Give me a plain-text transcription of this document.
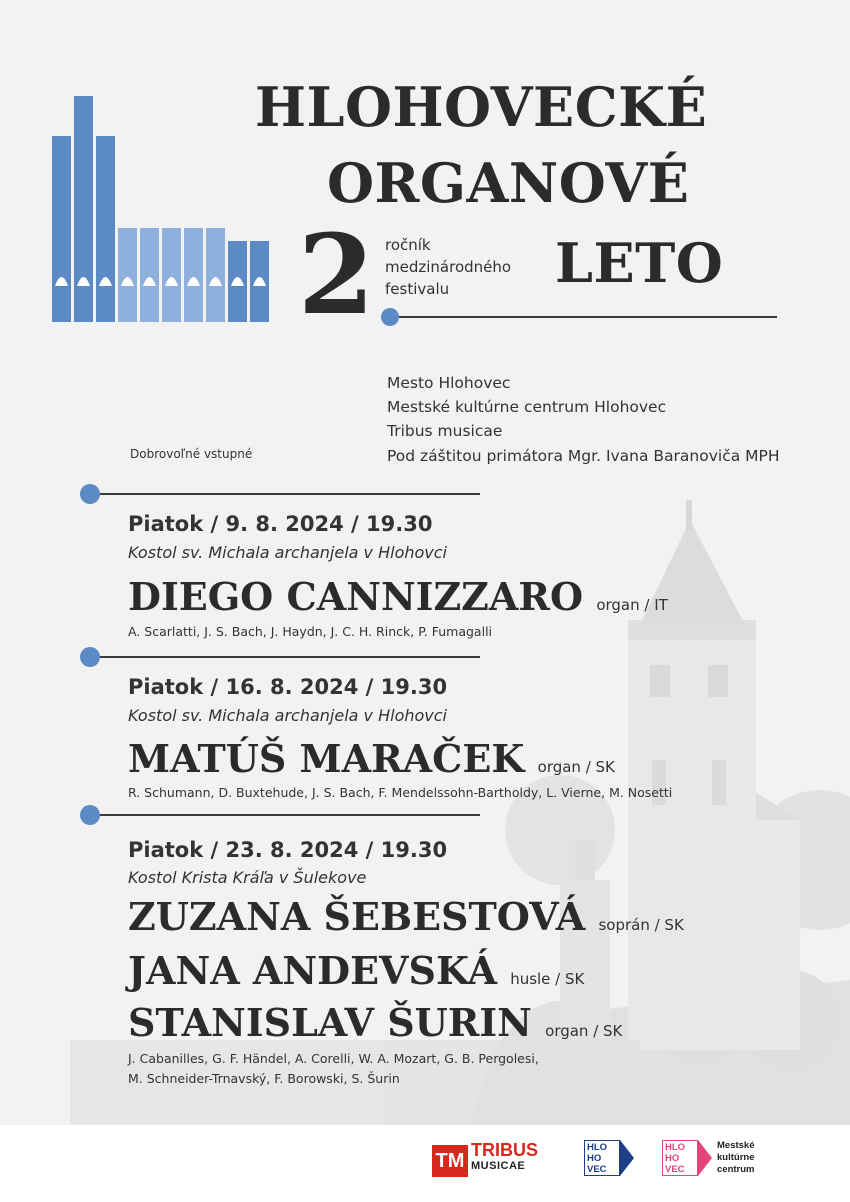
HLOHOVECKÉ
ORGANOVÉ
LETO
2 ročník
medzinárodného
festivalu
Mesto Hlohovec
Mestské kultúrne centrum Hlohovec
Tribus musicae
Pod záštitou primátora Mgr. Ivana Baranoviča MPH
Dobrovoľné vstupné
Piatok / 9. 8. 2024 / 19.30
Kostol sv. Michala archanjela v Hlohovci
DIEGO CANNIZZARO organ / IT
A. Scarlatti, J. S. Bach, J. Haydn, J. C. H. Rinck, P. Fumagalli
Piatok / 16. 8. 2024 / 19.30
Kostol sv. Michala archanjela v Hlohovci
MATÚŠ MARAČEK organ / SK
R. Schumann, D. Buxtehude, J. S. Bach, F. Mendelssohn-Bartholdy, L. Vierne, M. Nosetti
Piatok / 23. 8. 2024 / 19.30
Kostol Krista Kráľa v Šulekove
ZUZANA ŠEBESTOVÁ soprán / SK
JANA ANDEVSKÁ husle / SK
STANISLAV ŠURIN organ / SK
J. Cabanilles, G. F. Händel, A. Corelli, W. A. Mozart, G. B. Pergolesi,
M. Schneider-Trnavský, F. Borowski, S. Šurin
TM TRIBUS
MUSICAE
HLO
HO
VEC
HLO
HO
VEC
Mestské
kultúrne
centrum
